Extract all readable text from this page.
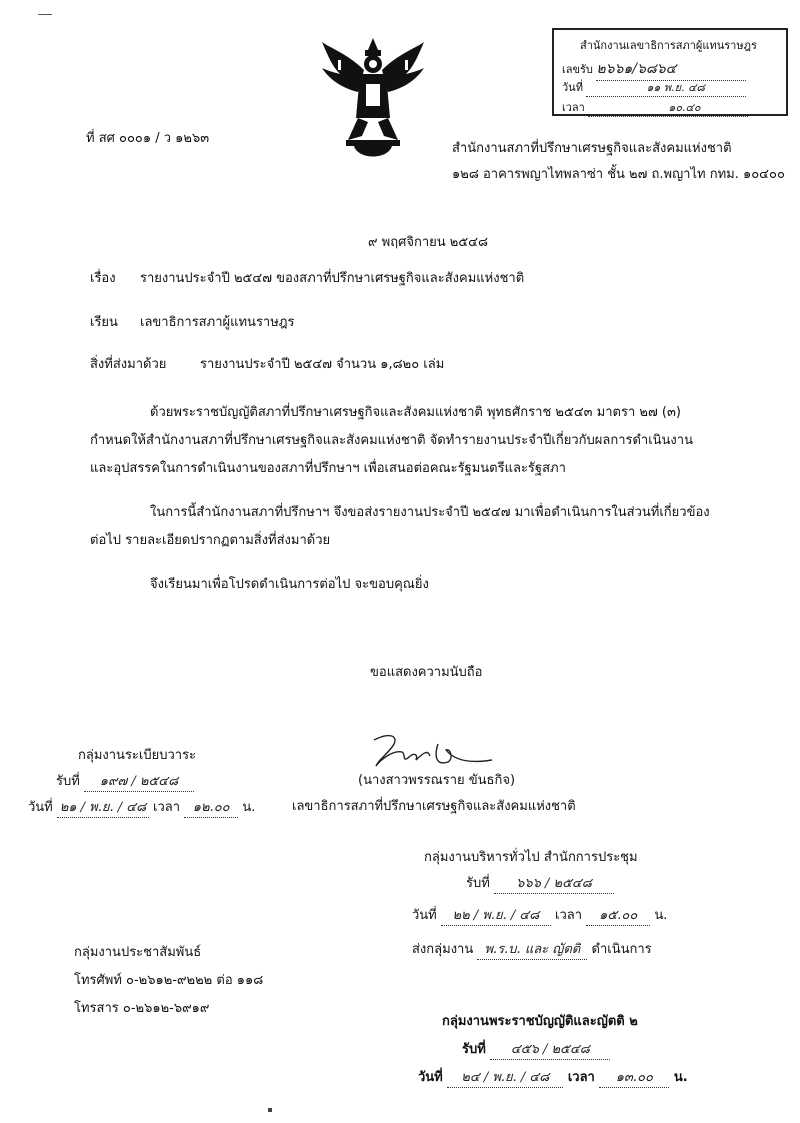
สำนักงานเลขาธิการสภาผู้แทนราษฎร
เลขรับ ๒๖๖๑/๖๘๖๔
วันที่	๑๑ พ.ย. ๔๘
เวลา	๑๐.๔๐
ที่ สศ ๐๐๐๑ / ว ๑๒๖๓
สำนักงานสภาที่ปรึกษาเศรษฐกิจและสังคมแห่งชาติ
๑๒๘ อาคารพญาไทพลาซ่า ชั้น ๒๗ ถ.พญาไท กทม. ๑๐๔๐๐
๙ พฤศจิกายน ๒๕๔๘
เรื่อง รายงานประจำปี ๒๕๔๗ ของสภาที่ปรึกษาเศรษฐกิจและสังคมแห่งชาติ
เรียน เลขาธิการสภาผู้แทนราษฎร
สิ่งที่ส่งมาด้วย	รายงานประจำปี ๒๕๔๗ จำนวน ๑,๘๒๐ เล่ม
ด้วยพระราชบัญญัติสภาที่ปรึกษาเศรษฐกิจและสังคมแห่งชาติ พุทธศักราช ๒๕๔๓ มาตรา ๒๗ (๓)
กำหนดให้สำนักงานสภาที่ปรึกษาเศรษฐกิจและสังคมแห่งชาติ จัดทำรายงานประจำปีเกี่ยวกับผลการดำเนินงาน
และอุปสรรคในการดำเนินงานของสภาที่ปรึกษาฯ เพื่อเสนอต่อคณะรัฐมนตรีและรัฐสภา
ในการนี้สำนักงานสภาที่ปรึกษาฯ จึงขอส่งรายงานประจำปี ๒๕๔๗ มาเพื่อดำเนินการในส่วนที่เกี่ยวข้อง
ต่อไป รายละเอียดปรากฏตามสิ่งที่ส่งมาด้วย
จึงเรียนมาเพื่อโปรดดำเนินการต่อไป จะขอบคุณยิ่ง
ขอแสดงความนับถือ
(นางสาวพรรณราย ขันธกิจ)
เลขาธิการสภาที่ปรึกษาเศรษฐกิจและสังคมแห่งชาติ
กลุ่มงานระเบียบวาระ
รับที่ ๑๙๗ / ๒๕๔๘
วันที่ ๒๑ / พ.ย. / ๔๘ เวลา ๑๒.๐๐ น.
กลุ่มงานบริหารทั่วไป สำนักการประชุม
รับที่ ๖๖๖ / ๒๕๔๘
วันที่ ๒๒ / พ.ย. / ๔๘ เวลา ๑๕.๐๐ น.
ส่งกลุ่มงาน พ.ร.บ. และ ญัตติ ดำเนินการ
กลุ่มงานประชาสัมพันธ์
โทรศัพท์ ๐-๒๖๑๒-๙๒๒๒ ต่อ ๑๑๘
โทรสาร ๐-๒๖๑๒-๖๙๑๙
กลุ่มงานพระราชบัญญัติและญัตติ ๒
รับที่ ๔๕๖ / ๒๕๔๘
วันที่ ๒๔ / พ.ย. / ๔๘ เวลา ๑๓.๐๐ น.
